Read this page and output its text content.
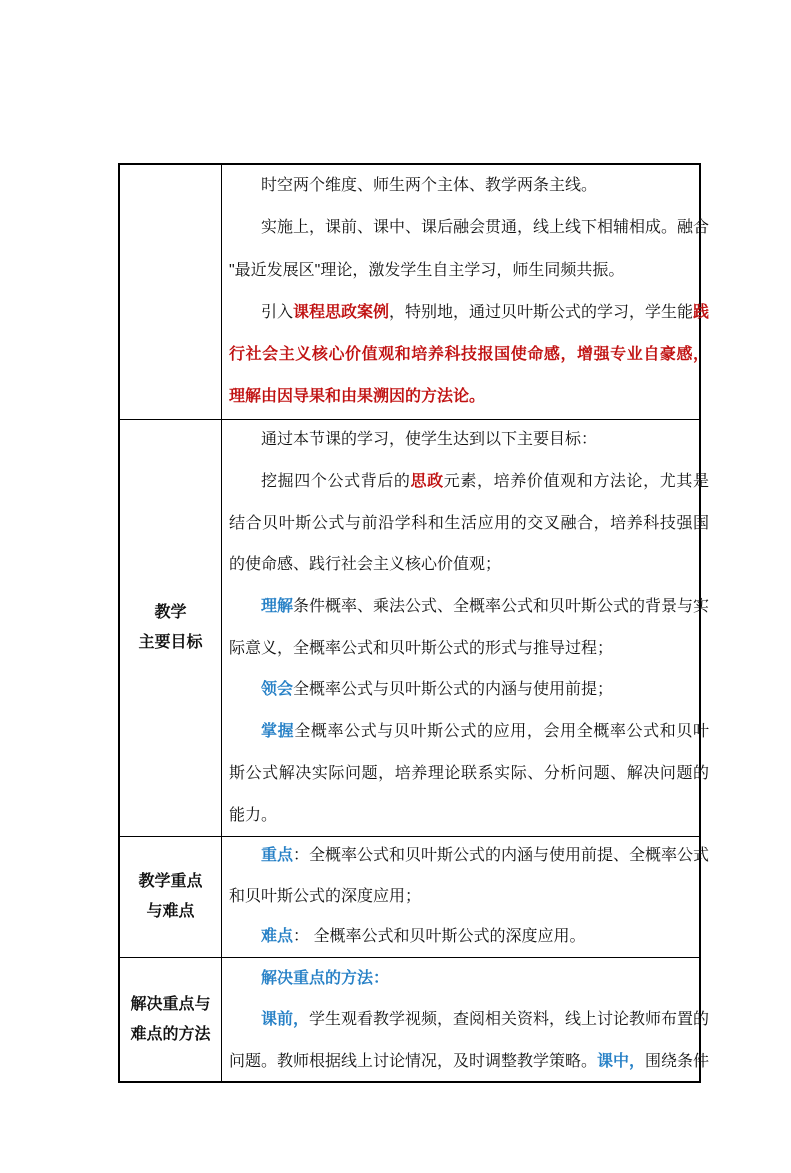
时空两个维度、师生两个主体、教学两条主线。
实施上，课前、课中、课后融会贯通，线上线下相辅相成。融合
"最近发展区"理论，激发学生自主学习，师生同频共振。
引入课程思政案例，特别地，通过贝叶斯公式的学习，学生能践
行社会主义核心价值观和培养科技报国使命感，增强专业自豪感，
理解由因导果和由果溯因的方法论。
教学
主要目标
通过本节课的学习，使学生达到以下主要目标：
挖掘四个公式背后的思政元素，培养价值观和方法论，尤其是
结合贝叶斯公式与前沿学科和生活应用的交叉融合，培养科技强国
的使命感、践行社会主义核心价值观；
理解条件概率、乘法公式、全概率公式和贝叶斯公式的背景与实
际意义，全概率公式和贝叶斯公式的形式与推导过程；
领会全概率公式与贝叶斯公式的内涵与使用前提；
掌握全概率公式与贝叶斯公式的应用，会用全概率公式和贝叶
斯公式解决实际问题，培养理论联系实际、分析问题、解决问题的
能力。
教学重点
与难点
重点：全概率公式和贝叶斯公式的内涵与使用前提、全概率公式
和贝叶斯公式的深度应用；
难点： 全概率公式和贝叶斯公式的深度应用。
解决重点与
难点的方法
解决重点的方法：
课前，学生观看教学视频，查阅相关资料，线上讨论教师布置的
问题。教师根据线上讨论情况，及时调整教学策略。课中，围绕条件
